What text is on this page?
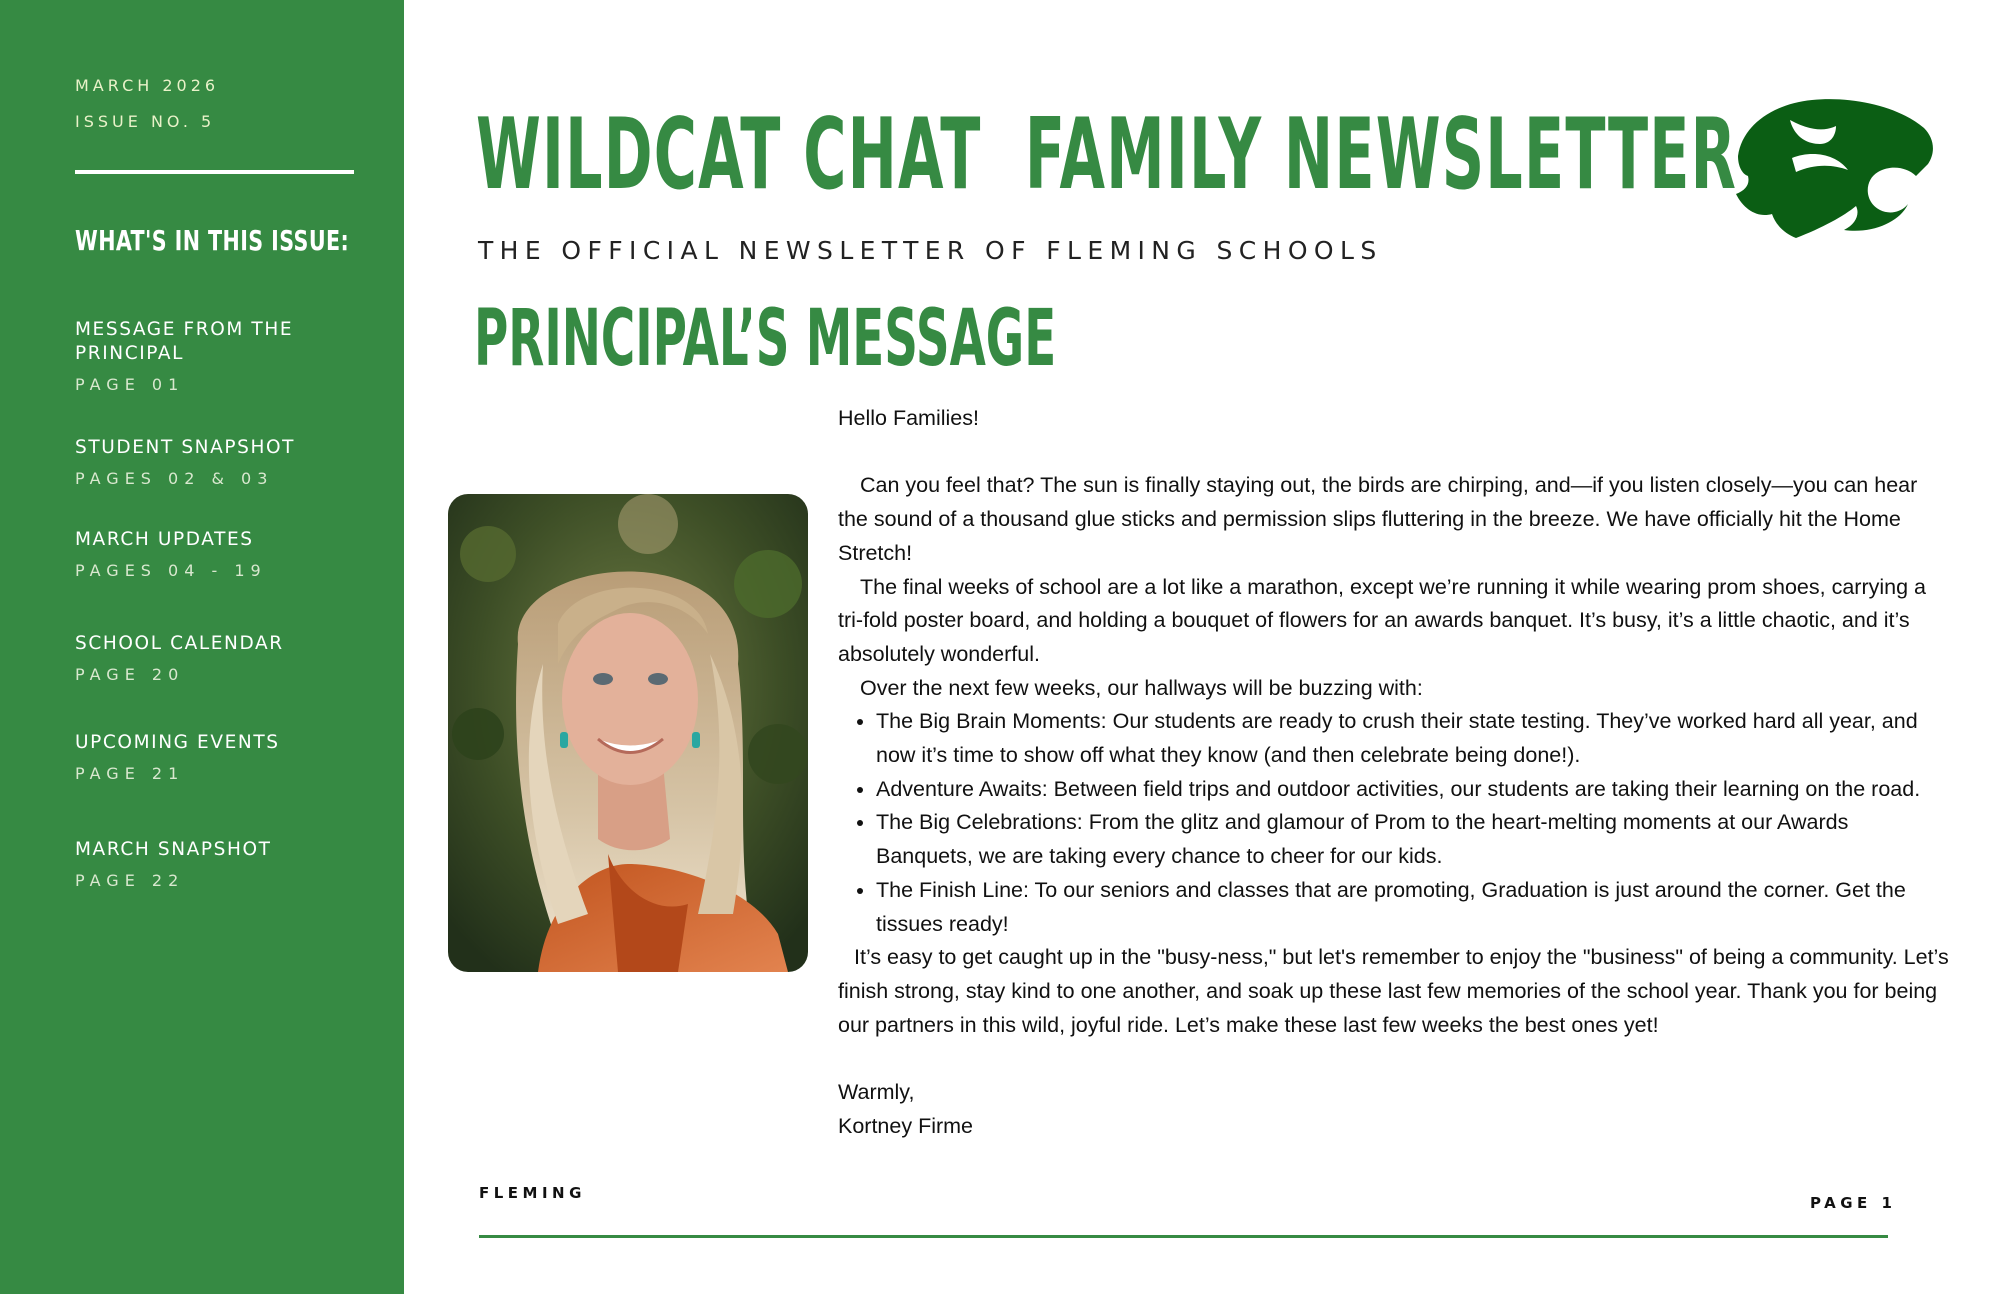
MARCH 2026
ISSUE NO. 5
WHAT'S IN THIS ISSUE:
MESSAGE FROM THE PRINCIPAL
PAGE 01
STUDENT SNAPSHOT
PAGES 02 & 03
MARCH UPDATES
PAGES 04 - 19
SCHOOL CALENDAR
PAGE 20
UPCOMING EVENTS
PAGE 21
MARCH SNAPSHOT
PAGE 22
WILDCAT CHAT  FAMILY NEWSLETTER
THE OFFICIAL NEWSLETTER OF FLEMING SCHOOLS
PRINCIPAL’S MESSAGE

Hello Families!

Can you feel that? The sun is finally staying out, the birds are chirping, and—if you listen closely—you can hear the sound of a thousand glue sticks and permission slips fluttering in the breeze. We have officially hit the Home Stretch!

The final weeks of school are a lot like a marathon, except we’re running it while wearing prom shoes, carrying a tri-fold poster board, and holding a bouquet of flowers for an awards banquet. It’s busy, it’s a little chaotic, and it’s absolutely wonderful.

Over the next few weeks, our hallways will be buzzing with:

• The Big Brain Moments: Our students are ready to crush their state testing. They’ve worked hard all year, and now it’s time to show off what they know (and then celebrate being done!).
• Adventure Awaits: Between field trips and outdoor activities, our students are taking their learning on the road.
• The Big Celebrations: From the glitz and glamour of Prom to the heart-melting moments at our Awards Banquets, we are taking every chance to cheer for our kids.
• The Finish Line: To our seniors and classes that are promoting, Graduation is just around the corner. Get the tissues ready!

It’s easy to get caught up in the "busy-ness," but let's remember to enjoy the "business" of being a community. Let’s finish strong, stay kind to one another, and soak up these last few memories of the school year. Thank you for being our partners in this wild, joyful ride. Let’s make these last few weeks the best ones yet!

Warmly,

Kortney Firme

FLEMING
PAGE 1
